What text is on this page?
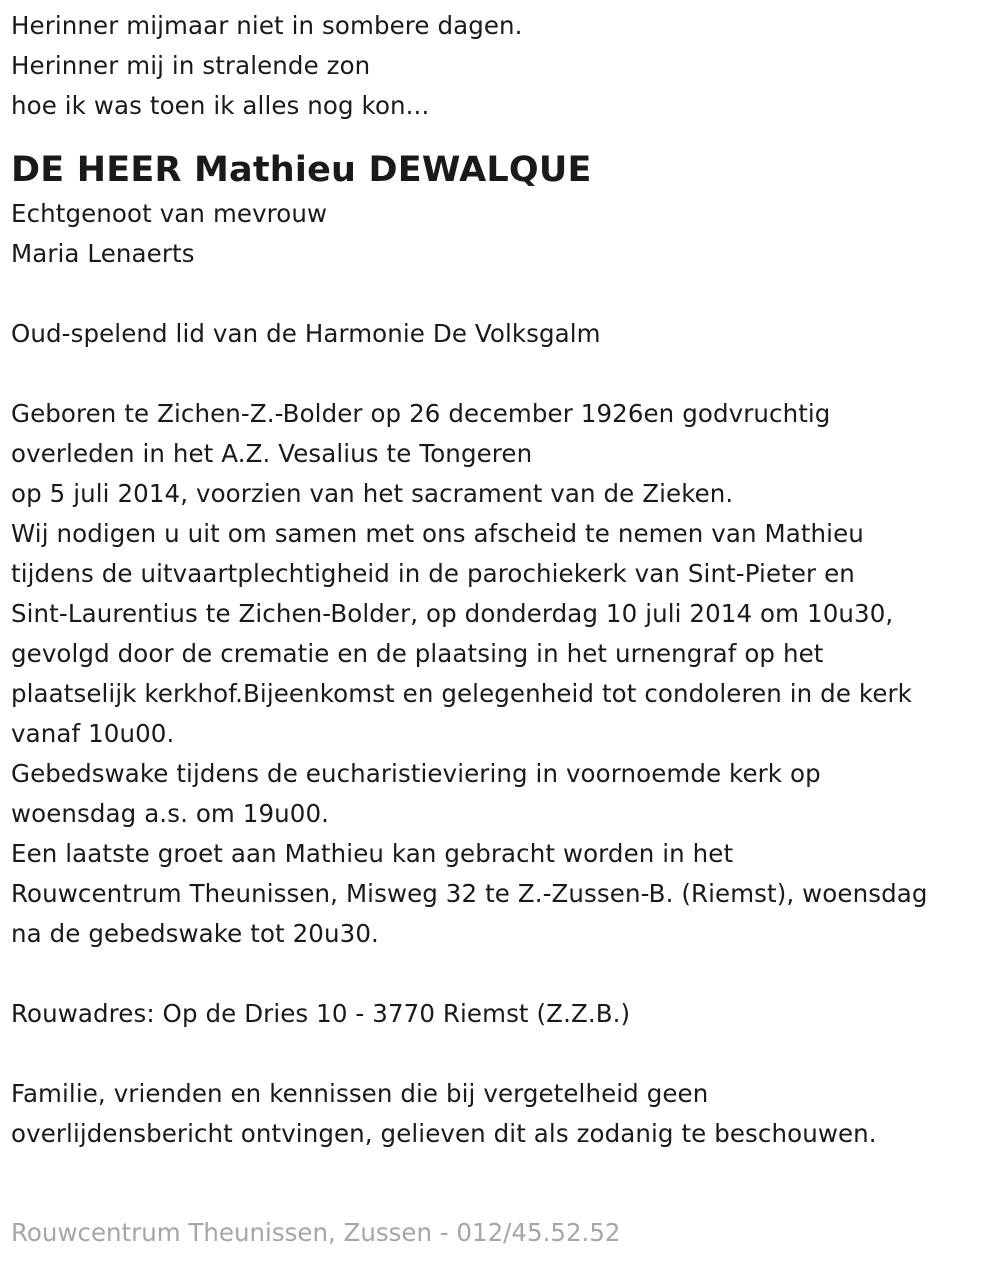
Herinner mijmaar niet in sombere dagen.
Herinner mij in stralende zon
hoe ik was toen ik alles nog kon...
DE HEER Mathieu DEWALQUE
Echtgenoot van mevrouw
Maria Lenaerts
Oud-spelend lid van de Harmonie De Volksgalm
Geboren te Zichen-Z.-Bolder op 26 december 1926en godvruchtig
overleden in het A.Z. Vesalius te Tongeren
op 5 juli 2014, voorzien van het sacrament van de Zieken.
Wij nodigen u uit om samen met ons afscheid te nemen van Mathieu
tijdens de uitvaartplechtigheid in de parochiekerk van Sint-Pieter en
Sint-Laurentius te Zichen-Bolder, op donderdag 10 juli 2014 om 10u30,
gevolgd door de crematie en de plaatsing in het urnengraf op het
plaatselijk kerkhof.Bijeenkomst en gelegenheid tot condoleren in de kerk
vanaf 10u00.
Gebedswake tijdens de eucharistieviering in voornoemde kerk op
woensdag a.s. om 19u00.
Een laatste groet aan Mathieu kan gebracht worden in het
Rouwcentrum Theunissen, Misweg 32 te Z.-Zussen-B. (Riemst), woensdag
na de gebedswake tot 20u30.
Rouwadres: Op de Dries 10 - 3770 Riemst (Z.Z.B.)
Familie, vrienden en kennissen die bij vergetelheid geen
overlijdensbericht ontvingen, gelieven dit als zodanig te beschouwen.
Rouwcentrum Theunissen, Zussen - 012/45.52.52
